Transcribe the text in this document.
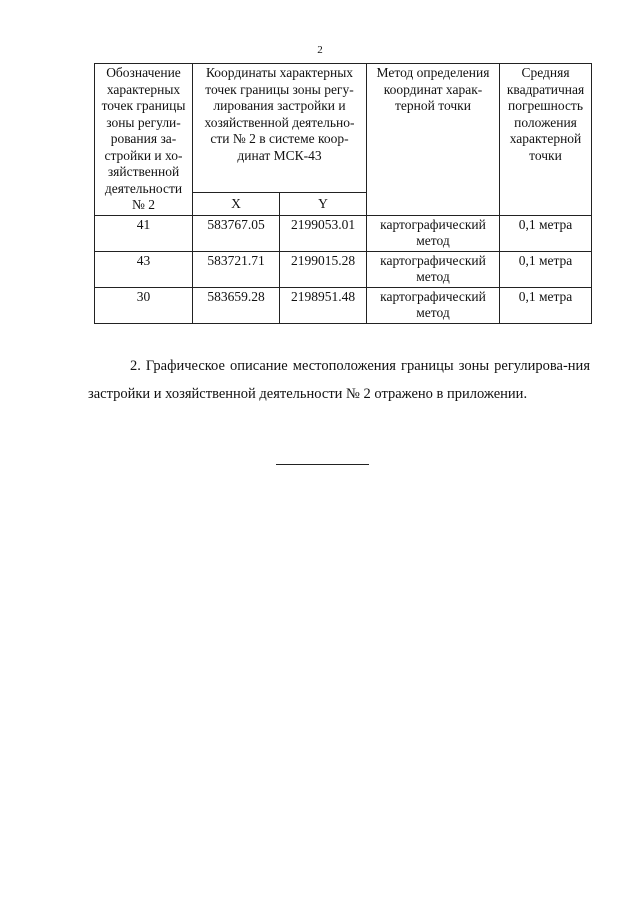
2
Обозначение характерных точек границы зоны регули-рования за-стройки и хо-зяйственной деятельности № 2	Координаты характерных точек границы зоны регу-лирования застройки и хозяйственной деятельно-сти № 2 в системе коор-динат МСК-43		Метод определения координат харак-терной точки	Средняя квадратичная погрешность положения характерной точки
	X	Y		
41	583767.05	2199053.01	картографический метод	0,1 метра
43	583721.71	2199015.28	картографический метод	0,1 метра
30	583659.28	2198951.48	картографический метод	0,1 метра
2. Графическое описание местоположения границы зоны регулирова-ния застройки и хозяйственной деятельности № 2 отражено в приложении.
